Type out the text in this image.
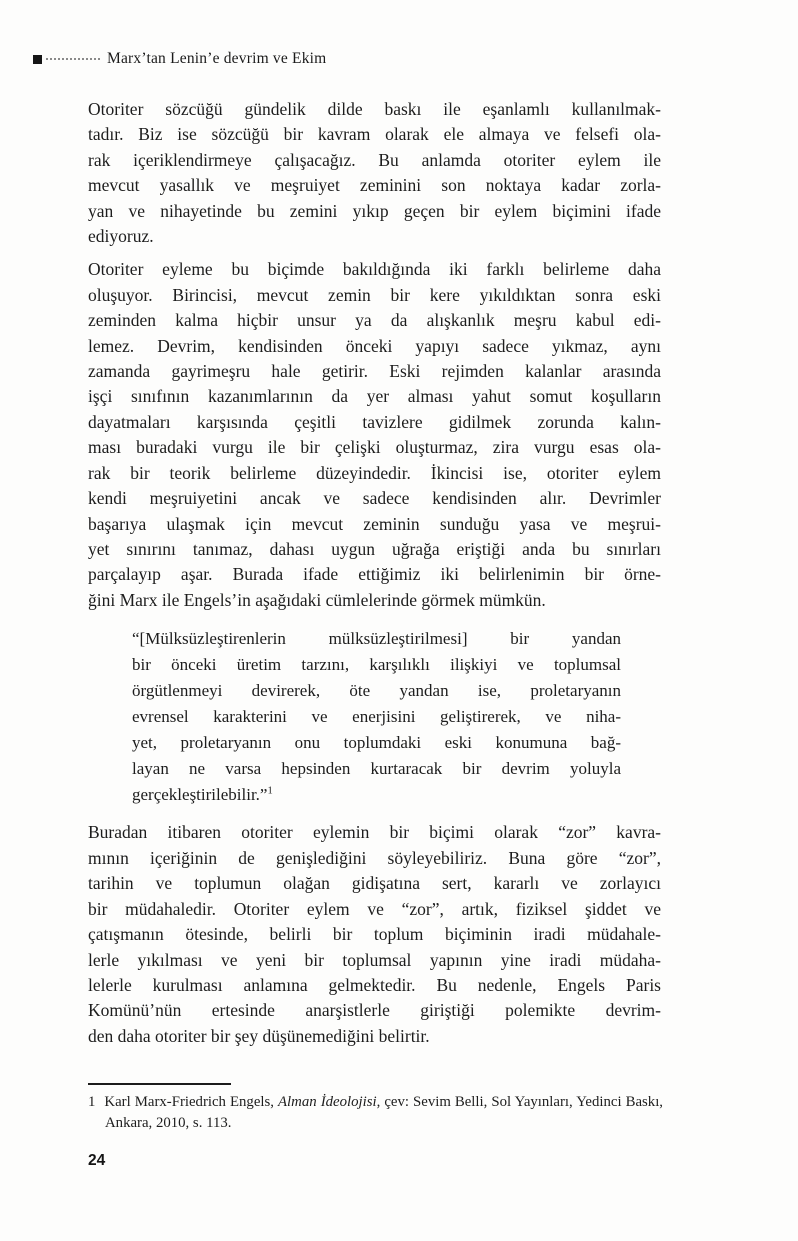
Marx’tan Lenin’e devrim ve Ekim
Otoriter sözcüğü gündelik dilde baskı ile eşanlamlı kullanılmak-
tadır. Biz ise sözcüğü bir kavram olarak ele almaya ve felsefi ola-
rak içeriklendirmeye çalışacağız. Bu anlamda otoriter eylem ile
mevcut yasallık ve meşruiyet zeminini son noktaya kadar zorla-
yan ve nihayetinde bu zemini yıkıp geçen bir eylem biçimini ifade
ediyoruz.
Otoriter eyleme bu biçimde bakıldığında iki farklı belirleme daha
oluşuyor. Birincisi, mevcut zemin bir kere yıkıldıktan sonra eski
zeminden kalma hiçbir unsur ya da alışkanlık meşru kabul edi-
lemez. Devrim, kendisinden önceki yapıyı sadece yıkmaz, aynı
zamanda gayrimeşru hale getirir. Eski rejimden kalanlar arasında
işçi sınıfının kazanımlarının da yer alması yahut somut koşulların
dayatmaları karşısında çeşitli tavizlere gidilmek zorunda kalın-
ması buradaki vurgu ile bir çelişki oluşturmaz, zira vurgu esas ola-
rak bir teorik belirleme düzeyindedir. İkincisi ise, otoriter eylem
kendi meşruiyetini ancak ve sadece kendisinden alır. Devrimler
başarıya ulaşmak için mevcut zeminin sunduğu yasa ve meşrui-
yet sınırını tanımaz, dahası uygun uğrağa eriştiği anda bu sınırları
parçalayıp aşar. Burada ifade ettiğimiz iki belirlenimin bir örne-
ğini Marx ile Engels’in aşağıdaki cümlelerinde görmek mümkün.
“[Mülksüzleştirenlerin mülksüzleştirilmesi] bir yandan
bir önceki üretim tarzını, karşılıklı ilişkiyi ve toplumsal
örgütlenmeyi devirerek, öte yandan ise, proletaryanın
evrensel karakterini ve enerjisini geliştirerek, ve niha-
yet, proletaryanın onu toplumdaki eski konumuna bağ-
layan ne varsa hepsinden kurtaracak bir devrim yoluyla
gerçekleştirilebilir.”$^1$
Buradan itibaren otoriter eylemin bir biçimi olarak “zor” kavra-
mının içeriğinin de genişlediğini söyleyebiliriz. Buna göre “zor”,
tarihin ve toplumun olağan gidişatına sert, kararlı ve zorlayıcı
bir müdahaledir. Otoriter eylem ve “zor”, artık, fiziksel şiddet ve
çatışmanın ötesinde, belirli bir toplum biçiminin iradi müdahale-
lerle yıkılması ve yeni bir toplumsal yapının yine iradi müdaha-
lelerle kurulması anlamına gelmektedir. Bu nedenle, Engels Paris
Komünü’nün ertesinde anarşistlerle giriştiği polemikte devrim-
den daha otoriter bir şey düşünemediğini belirtir.
1 Karl Marx-Friedrich Engels, Alman İdeolojisi, çev: Sevim Belli, Sol Yayınları, Yedinci Baskı, Ankara, 2010, s. 113.
24
